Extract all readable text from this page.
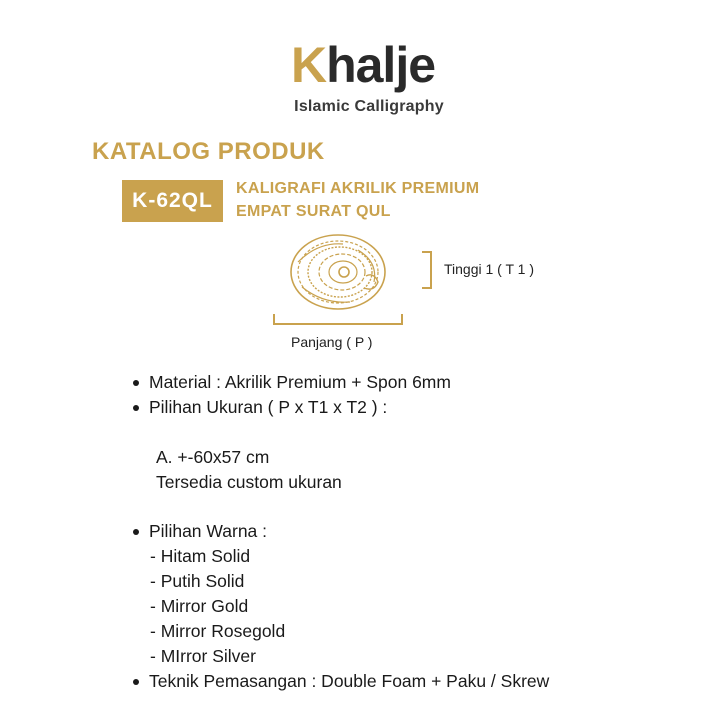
Khalje
Islamic Calligraphy
KATALOG PRODUK
K-62QL
KALIGRAFI AKRILIK PREMIUM
EMPAT SURAT QUL
Tinggi 1 ( T 1 )
Panjang ( P )
Material : Akrilik Premium + Spon 6mm
Pilihan Ukuran ( P x T1 x T2 ) :
A. +-60x57 cm
Tersedia custom ukuran
Pilihan Warna :
- Hitam Solid
- Putih Solid
- Mirror Gold
- Mirror Rosegold
- MIrror Silver
Teknik Pemasangan : Double Foam + Paku / Skrew
